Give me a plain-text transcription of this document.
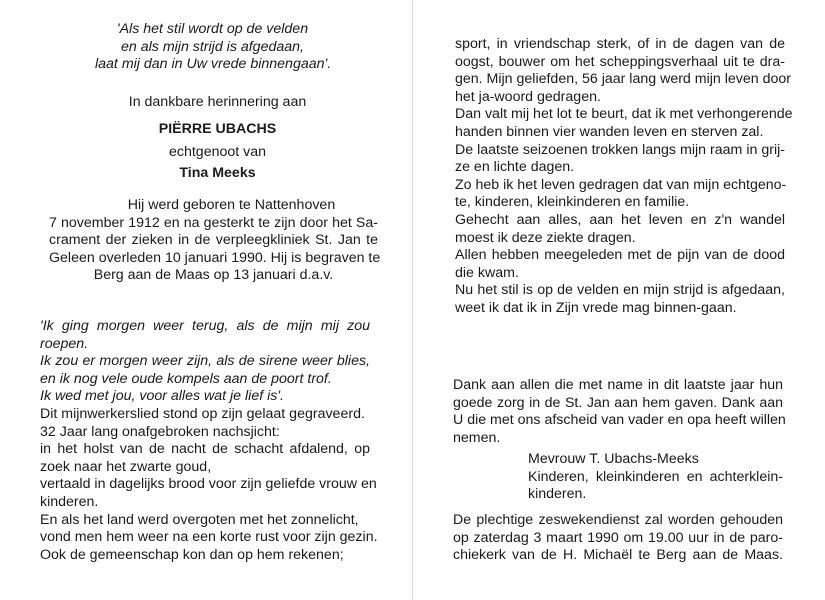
'Als het stil wordt op de velden
en als mijn strijd is afgedaan,
laat mij dan in Uw vrede binnengaan'.
In dankbare herinnering aan
PIËRRE UBACHS
echtgenoot van
Tina Meeks
Hij werd geboren te Nattenhoven
7 november 1912 en na gesterkt te zijn door het Sa-
crament der zieken in de verpleegkliniek St. Jan te
Geleen overleden 10 januari 1990. Hij is begraven te
Berg aan de Maas op 13 januari d.a.v.
'Ik ging morgen weer terug, als de mijn mij zou
roepen.
Ik zou er morgen weer zijn, als de sirene weer blies,
en ik nog vele oude kompels aan de poort trof.
Ik wed met jou, voor alles wat je lief is'.
Dit mijnwerkerslied stond op zijn gelaat gegraveerd.
32 Jaar lang onafgebroken nachsjicht:
in het holst van de nacht de schacht afdalend, op
zoek naar het zwarte goud,
vertaald in dagelijks brood voor zijn geliefde vrouw en
kinderen.
En als het land werd overgoten met het zonnelicht,
vond men hem weer na een korte rust voor zijn gezin.
Ook de gemeenschap kon dan op hem rekenen;
sport, in vriendschap sterk, of in de dagen van de
oogst, bouwer om het scheppingsverhaal uit te dra-
gen. Mijn geliefden, 56 jaar lang werd mijn leven door
het ja-woord gedragen.
Dan valt mij het lot te beurt, dat ik met verhongerende
handen binnen vier wanden leven en sterven zal.
De laatste seizoenen trokken langs mijn raam in grij-
ze en lichte dagen.
Zo heb ik het leven gedragen dat van mijn echtgeno-
te, kinderen, kleinkinderen en familie.
Gehecht aan alles, aan het leven en z'n wandel
moest ik deze ziekte dragen.
Allen hebben meegeleden met de pijn van de dood
die kwam.
Nu het stil is op de velden en mijn strijd is afgedaan,
weet ik dat ik in Zijn vrede mag binnen-gaan.
Dank aan allen die met name in dit laatste jaar hun
goede zorg in de St. Jan aan hem gaven. Dank aan
U die met ons afscheid van vader en opa heeft willen
nemen.
Mevrouw T. Ubachs-Meeks
Kinderen, kleinkinderen en achterklein-
kinderen.
De plechtige zeswekendienst zal worden gehouden
op zaterdag 3 maart 1990 om 19.00 uur in de paro-
chiekerk van de H. Michaël te Berg aan de Maas.
